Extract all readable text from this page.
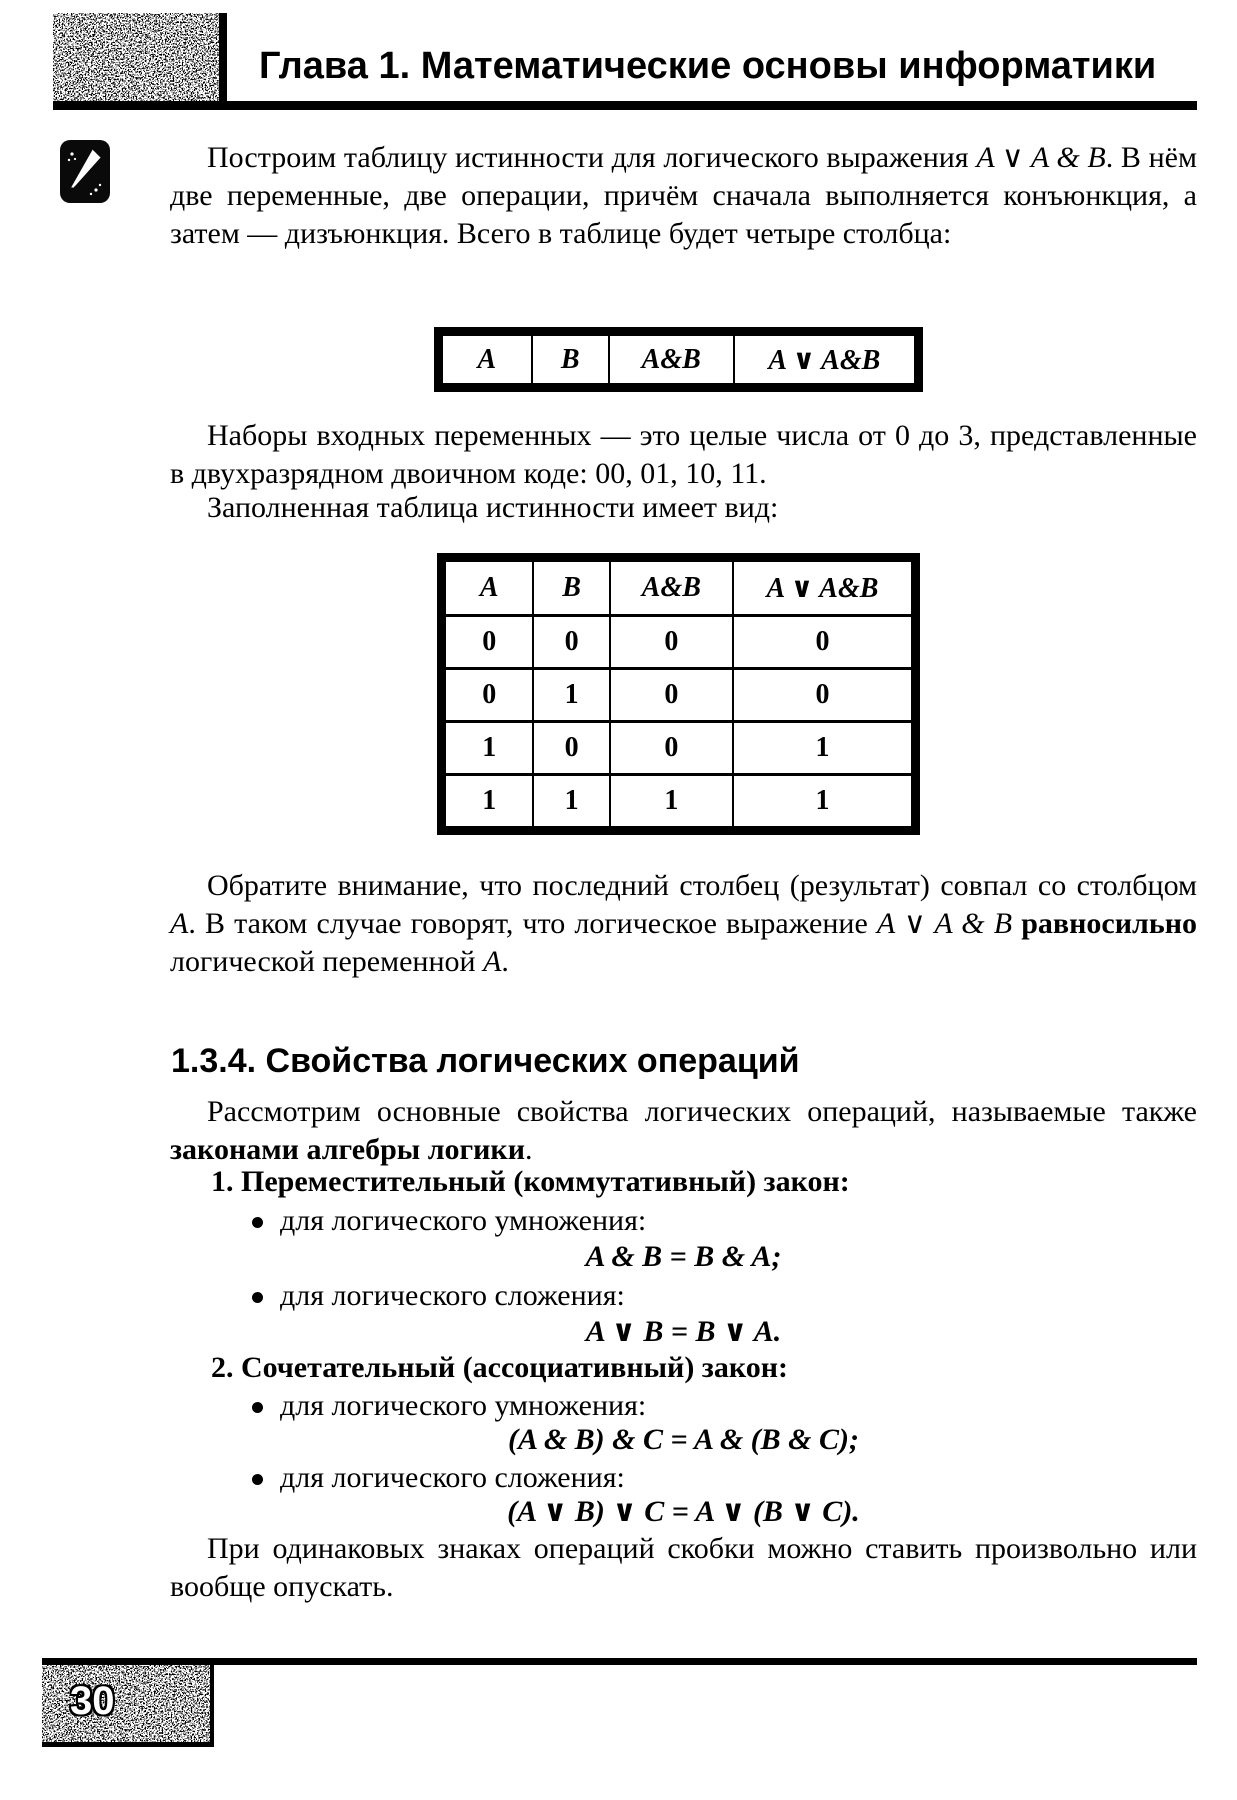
Глава 1. Математические основы информатики
Построим таблицу истинности для логического выражения A ∨ A & B. В нём две переменные, две операции, причём сначала выполняется конъюнкция, а затем — дизъюнкция. Всего в таблице будет четыре столбца:
A	B	A&B	A ∨ A&B
Наборы входных переменных — это целые числа от 0 до 3, представленные в двухразрядном двоичном коде: 00, 01, 10, 11.
Заполненная таблица истинности имеет вид:
A	B	A&B	A ∨ A&B
0	0	0	0
0	1	0	0
1	0	0	1
1	1	1	1
Обратите внимание, что последний столбец (результат) совпал со столбцом A. В таком случае говорят, что логическое выражение A ∨ A & B равносильно логической переменной A.
1.3.4. Свойства логических операций
Рассмотрим основные свойства логических операций, называемые также законами алгебры логики.
1. Переместительный (коммутативный) закон:
для логического умножения:
A & B = B & A;
для логического сложения:
A ∨ B = B ∨ A.
2. Сочетательный (ассоциативный) закон:
для логического умножения:
(A & B) & C = A & (B & C);
для логического сложения:
(A ∨ B) ∨ C = A ∨ (B ∨ C).
При одинаковых знаках операций скобки можно ставить произвольно или вообще опускать.
30
